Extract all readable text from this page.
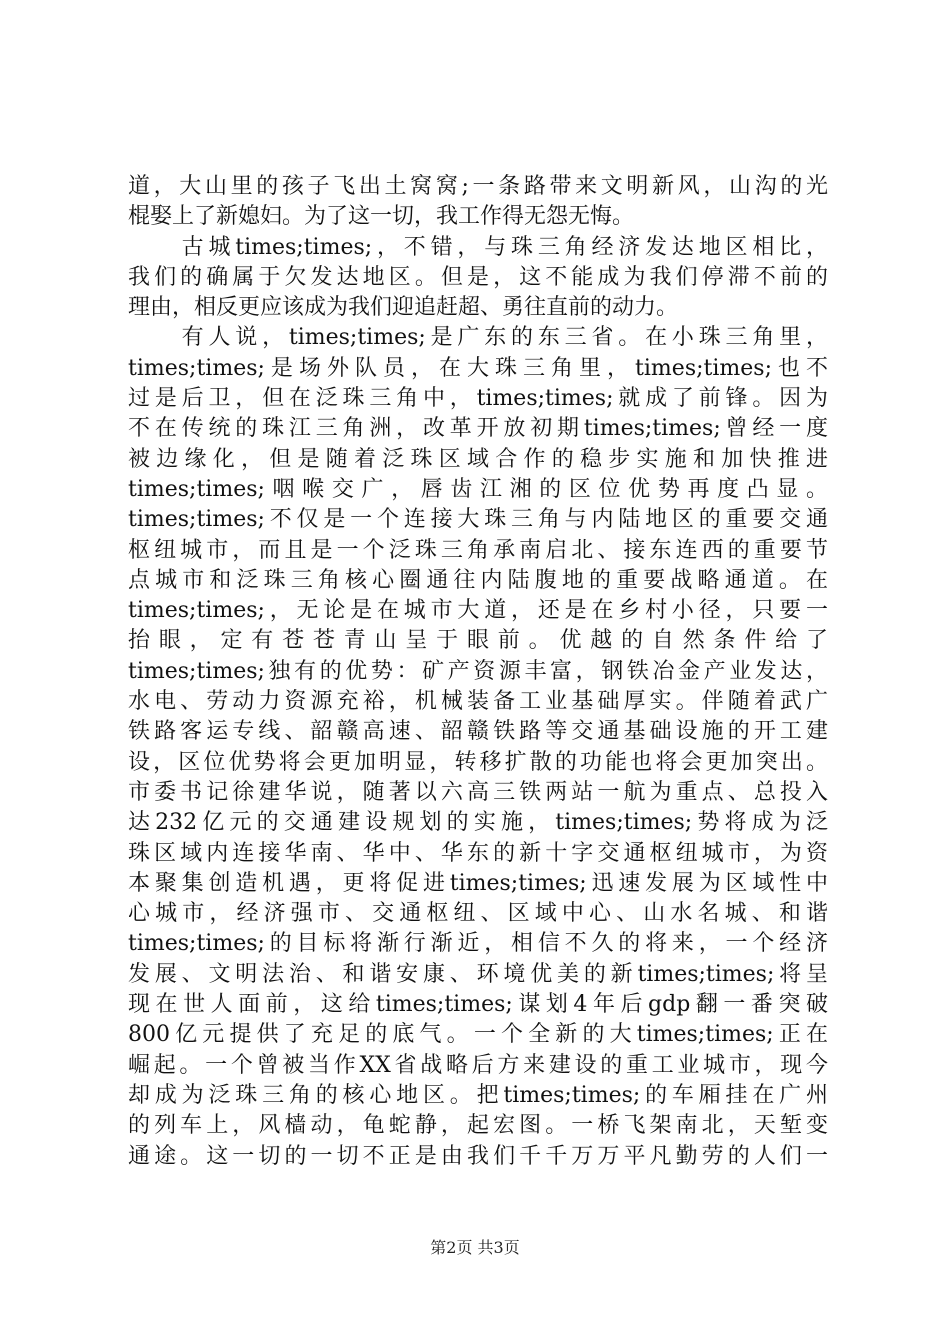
道，大山里的孩子飞出土窝窝;一条路带来文明新风，山沟的光
棍娶上了新媳妇。为了这一切，我工作得无怨无悔。
　　古城times;times;，不错，与珠三角经济发达地区相比，
我们的确属于欠发达地区。但是，这不能成为我们停滞不前的
理由，相反更应该成为我们迎追赶超、勇往直前的动力。
　　有人说，times;times;是广东的东三省。在小珠三角里，
times;times;是场外队员，在大珠三角里，times;times;也不
过是后卫，但在泛珠三角中，times;times;就成了前锋。因为
不在传统的珠江三角洲，改革开放初期times;times;曾经一度
被边缘化，但是随着泛珠区域合作的稳步实施和加快推进
times;times;咽喉交广，唇齿江湘的区位优势再度凸显。
times;times;不仅是一个连接大珠三角与内陆地区的重要交通
枢纽城市，而且是一个泛珠三角承南启北、接东连西的重要节
点城市和泛珠三角核心圈通往内陆腹地的重要战略通道。在
times;times;，无论是在城市大道，还是在乡村小径，只要一
抬眼，定有苍苍青山呈于眼前。优越的自然条件给了
times;times;独有的优势：矿产资源丰富，钢铁冶金产业发达，
水电、劳动力资源充裕，机械装备工业基础厚实。伴随着武广
铁路客运专线、韶赣高速、韶赣铁路等交通基础设施的开工建
设，区位优势将会更加明显，转移扩散的功能也将会更加突出。
市委书记徐建华说，随著以六高三铁两站一航为重点、总投入
达232亿元的交通建设规划的实施，times;times;势将成为泛
珠区域内连接华南、华中、华东的新十字交通枢纽城市，为资
本聚集创造机遇，更将促进times;times;迅速发展为区域性中
心城市，经济强市、交通枢纽、区域中心、山水名城、和谐
times;times;的目标将渐行渐近，相信不久的将来，一个经济
发展、文明法治、和谐安康、环境优美的新times;times;将呈
现在世人面前，这给times;times;谋划4年后gdp翻一番突破
800亿元提供了充足的底气。一个全新的大times;times;正在
崛起。一个曾被当作XX省战略后方来建设的重工业城市，现今
却成为泛珠三角的核心地区。把times;times;的车厢挂在广州
的列车上，风樯动，龟蛇静，起宏图。一桥飞架南北，天堑变
通途。这一切的一切不正是由我们千千万万平凡勤劳的人们一
第2页 共3页
